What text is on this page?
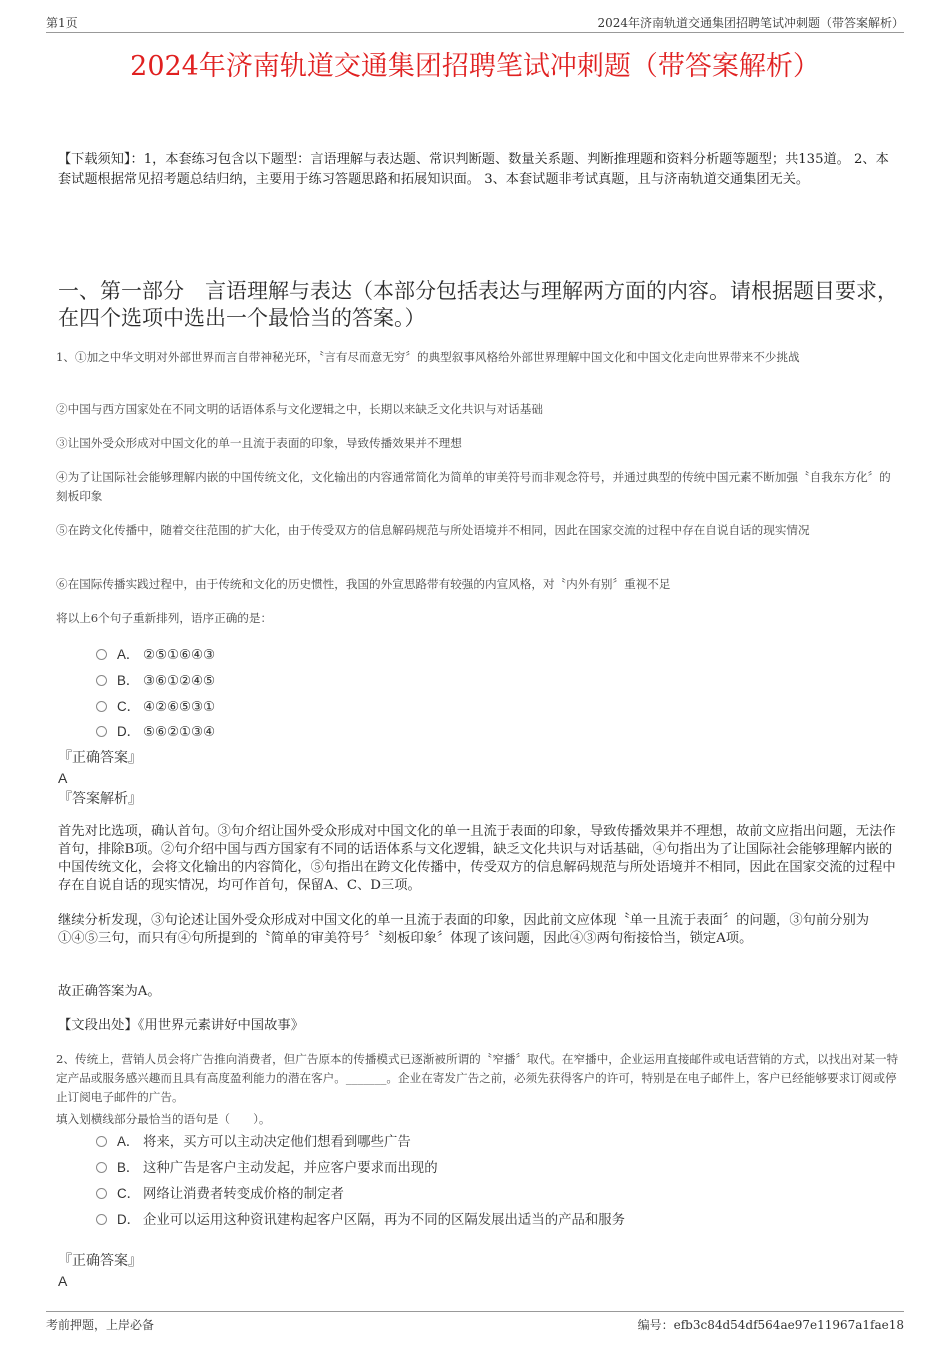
第1页	2024年济南轨道交通集团招聘笔试冲刺题（带答案解析）
2024年济南轨道交通集团招聘笔试冲刺题（带答案解析）
【下载须知】：1，本套练习包含以下题型：言语理解与表达题、常识判断题、数量关系题、判断推理题和资料分析题等题型；共135道。 2、本套试题根据常见招考题总结归纳，主要用于练习答题思路和拓展知识面。 3、本套试题非考试真题，且与济南轨道交通集团无关。
一、第一部分　言语理解与表达（本部分包括表达与理解两方面的内容。请根据题目要求，在四个选项中选出一个最恰当的答案。）
1、①加之中华文明对外部世界而言自带神秘光环，〝言有尽而意无穷〞的典型叙事风格给外部世界理解中国文化和中国文化走向世界带来不少挑战
②中国与西方国家处在不同文明的话语体系与文化逻辑之中，长期以来缺乏文化共识与对话基础
③让国外受众形成对中国文化的单一且流于表面的印象，导致传播效果并不理想
④为了让国际社会能够理解内嵌的中国传统文化，文化输出的内容通常简化为简单的审美符号而非观念符号，并通过典型的传统中国元素不断加强〝自我东方化〞的刻板印象
⑤在跨文化传播中，随着交往范围的扩大化，由于传受双方的信息解码规范与所处语境并不相同，因此在国家交流的过程中存在自说自话的现实情况
⑥在国际传播实践过程中，由于传统和文化的历史惯性，我国的外宣思路带有较强的内宣风格，对〝内外有别〞重视不足
将以上6个句子重新排列，语序正确的是：
A． ②⑤①⑥④③
B． ③⑥①②④⑤
C． ④②⑥⑤③①
D． ⑤⑥②①③④
『正确答案』
A
『答案解析』
首先对比选项，确认首句。③句介绍让国外受众形成对中国文化的单一且流于表面的印象，导致传播效果并不理想，故前文应指出问题，无法作首句，排除B项。②句介绍中国与西方国家有不同的话语体系与文化逻辑，缺乏文化共识与对话基础，④句指出为了让国际社会能够理解内嵌的中国传统文化，会将文化输出的内容简化，⑤句指出在跨文化传播中，传受双方的信息解码规范与所处语境并不相同，因此在国家交流的过程中存在自说自话的现实情况，均可作首句，保留A、C、D三项。
继续分析发现，③句论述让国外受众形成对中国文化的单一且流于表面的印象，因此前文应体现〝单一且流于表面〞的问题，③句前分别为①④⑤三句，而只有④句所提到的〝简单的审美符号〞〝刻板印象〞体现了该问题，因此④③两句衔接恰当，锁定A项。
故正确答案为A。
【文段出处】《用世界元素讲好中国故事》
2、传统上，营销人员会将广告推向消费者，但广告原本的传播模式已逐渐被所谓的〝窄播〞取代。在窄播中，企业运用直接邮件或电话营销的方式，以找出对某一特定产品或服务感兴趣而且具有高度盈利能力的潜在客户。_______。企业在寄发广告之前，必须先获得客户的许可，特别是在电子邮件上，客户已经能够要求订阅或停止订阅电子邮件的广告。
填入划横线部分最恰当的语句是（　　）。
A． 将来，买方可以主动决定他们想看到哪些广告
B． 这种广告是客户主动发起，并应客户要求而出现的
C． 网络让消费者转变成价格的制定者
D． 企业可以运用这种资讯建构起客户区隔，再为不同的区隔发展出适当的产品和服务
『正确答案』
A
考前押题，上岸必备	编号：efb3c84d54df564ae97e11967a1fae18
